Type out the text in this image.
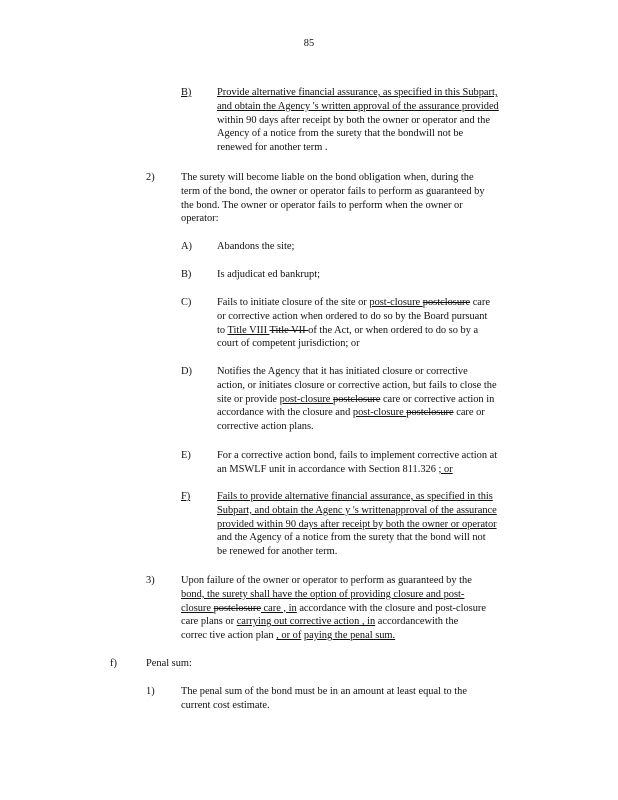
85
B) Provide alternative financial assurance, as specified in this Subpart,
and obtain the Agency 's written approval of the assurance provided
within 90 days after receipt by both the owner or operator and the
Agency of a notice from the surety that the bondwill not be
renewed for another term .
2)	The surety will become liable on the bond obligation when, during the
term of the bond, the owner or operator fails to perform as guaranteed by
the bond. The owner or operator fails to perform when the owner or
operator:
A) Abandons the site;
B) Is adjudicat ed bankrupt;
C) Fails to initiate closure of the site or post-closure postclosure care
or corrective action when ordered to do so by the Board pursuant
to Title VIII Title VII of the Act, or when ordered to do so by a
court of competent jurisdiction; or
D) Notifies the Agency that it has initiated closure or corrective
action, or initiates closure or corrective action, but fails to close the
site or provide post-closure postclosure care or corrective action in
accordance with the closure and post-closure postclosure care or
corrective action plans.
E)	For a corrective action bond, fails to implement corrective action at
an MSWLF unit in accordance with Section 811.326 ; or
F)	Fails to provide alternative financial assurance, as specified in this
Subpart, and obtain the Agenc y 's writtenapproval of the assurance
provided within 90 days after receipt by both the owner or operator
and the Agency of a notice from the surety that the bond will not
be renewed for another term.
3)	Upon failure of the owner or operator to perform as guaranteed by the
bond, the surety shall have the option of providing closure and post-
closure postclosure care , in accordance with the closure and post-closure
care plans or carrying out corrective action , in accordancewith the
correc tive action plan , or of paying the penal sum.
f)	Penal sum:
1)	The penal sum of the bond must be in an amount at least equal to the
current cost estimate.
